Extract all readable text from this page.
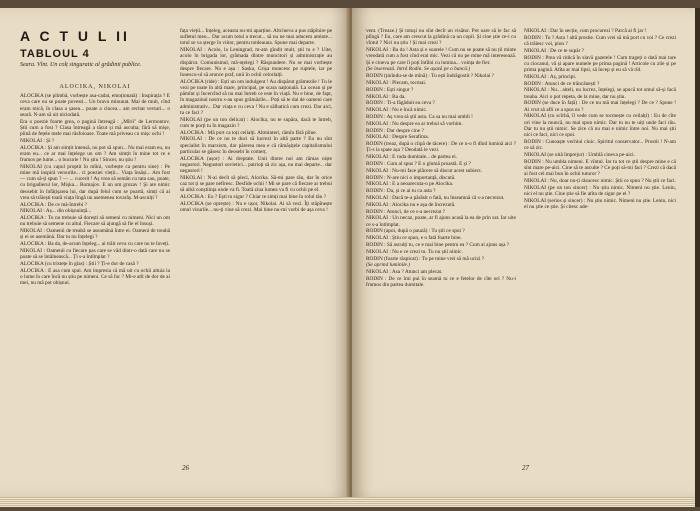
A C T U L II
TABLOUL 4
Seara. Vînt. Un colț singuratic al grădinii publice.
ALOCIKA, NIKOLAI

ALOCIKA (se plimbă, vorbește asa-cadat, emoționată) : Inspirația ? E ceva care nu se poate povesti... Un bravu minunat. Mai de mult, cînd eram mică, în clasa a șasea... poate a cincea... am recitat versuri... o seară. N-am să uit niciodată.

Era o poezie foarte grea, o pagină întreagă : „Mîrii" de Lermontov. Știi cum a fost ? Clasa întreagă a tăcut și mă asculta; fără să mișe, plină de fețele mele mai răsfoioase. Toate mă priveau cu mișc ochi !

NIKOLAI : Și ?

ALOCIKA : Și am simțit intensă, nu pot să spun... Nu mai eram eu, nu eram eu... ce ar mai înțelege un om ? Am simțit în mine tot ce e frumos pe lume... o bucurie ! Nu știu ! Sincer, nu știu !

NIKOLAI (cu capul proptit în mîini, vorbește ca pentru sine) : Pe mine mă inspiră versurile... ci poeziei vieții... Viața însăși... Am fost — cum să-ți spun ? — ... cucerit ! Aș vrea să semăn cu tata sau, poate, cu brigadierul lor, Mișka... Romajov. E un om grozav ! Și are nimic deosebit în înfățișarea lui, dar după felul cum se poartă, simți că ai vrea să trăiești toată viața lîngă un asemenea tovarăș. M-asculți ?

ALOCIKA : De ce mă-întrebi ?

NIKOLAI : Aș... din obișnuință...

ALOCIKA : Tu nu trebuie să dorești să semeni cu nimeni. Nici un om nu trebuie să semene cu altul. Fiecare să ajungă să fie el însuși.

NIKOLAI : Oamenii de treabă se aseamănă între ei. Oameni de treabă și ei se asemănă. Dar tu nu înțelegi ?

ALOCIKA : Ba da, de-acum înțeleg... ai trăit ceva cu care nu te înveți.

NIKOLAI : Oamenii cu fiecare pas care se văd dintr-o dată care nu se poate să se întâlnească... Ți s-a întîmplat ?

ALOCIKA (cu tristețe în glas) : Știi ? Ți-e dor de casă ?

ALOCIKA : E asa cum spui. Am impresia că mă uit cu ochii altuia la o lume în care încă nu știu pe nimeni. Ce să fac ? Mi-e atît de dor de ai mei, nu mă pot obișnui.

fața vieții... Înțeleg, aceasta nu-mi aparține. Altcineva a pus stăpînire pe sufletul meu... Dar acum totul a trecut... să nu ne mai aducem aminte... totul se va șterge în viitor, pentru totdeauna. Spune mai departe.

NIKOLAI : Acolo, la Leningrad, m-am gîndit mult, știi tu e ? Uite, acolo în brigada lor, grămada dintre muncitori și administrație au dispărut. Comunismul, mă-nțelegi ? Răspundere. Nu se mai vorbește despre fiecare. Nu e așa : Saska, Grișa muncesc pe ruptele, iar pe Ionescu-ul să arunce praf, unii în ochii celorlalți.

ALOCIKA (ride) : Ești un om indulgent ! Au dispărut grămezile ! Tu le vezi pe toate în altă mare, principal, pe scara națională. La ocean și pe pămînt și încercînd să nu mai întreb ce este în viață. Nu e bine, de fapt, în magazinul nostru s-au spus grămăzile... Poți să te dai de oameni care administrativ... Dar viața e cu ceva ! Nu e sălbatică cum crezi. Dar aici, tu ce faci ?

NIKOLAI (pe un ton delicat) : Alocika, nu te supăra, dacă te întreb, cum te porți tu în magazin ?

ALOCIKA : Mă port ca toți ceilalți. Altminteri, rămîn fără pîine.

NIKOLAI : De ce nu te duci să lucrezi în altă parte ? Eu nu sînt specialist în marxism, dar părerea mea e că rămășițele capitalismului particular se găsesc în deosebi în comerț.

ALOCIKA (ușor) : Ai dreptate. Unii dintre noi am rămas niște negustori. Negustori sovietici... patrioți să zic așa, nu mai departe... dar negustori !

NIKOLAI : N-ai decît să pleci, Alocika. Să-mi pare rău, dar în orice caz tot ți se pare nefiresc. Desfide ochii ! Mi se pare că fiecare ar trebui să aibă conștiința unde va fi. Toată ziua lumea va fi cu ochii pe el.

ALOCIKA : Eu ? Ești tu sigur ? Chiar te simți mai bine în rolul tău ?

ALOCIKA (se oprește) : Nu e ușor, Nikolai. Ai să vezi. Îți stăpînește omul visurile... nu-ți vine să crezi. Mai bine nu-mi vorbi de așa ceva !

26

vent. (Treaze.) Și totuși nu sînt decît un visător. Pot oare să le fac să plîngă ? Eu, care am crescut la grădină ca un copil. Și cine știe ce-i cu vîntul ? Nici nu știu ! Și mai crezi ?

NIKOLAI : Ba da ! Asta și e soarele ! Cum nu se poate să nu ții minte vreodată cum a fost cînd erai mic. Vezi că nu pe mine mă interesează. Și e cineva pe care îl poți întîlni cu lumina... voința de fier.

(Se înserează. Intră Rodin. Se așază pe o bancă.)

RODIN (ținîndu-se de mînă) : Tu ești îndrăgostit ? Nikolai ?

NIKOLAI : Plecam, tocmai.

RODIN : Ești singur ?

NIKOLAI : Ba da.

RODIN : Ti-a făgăduit ea ceva ?

NIKOLAI : Nu e încă nimic.

RODIN : Aș vrea să știi asta. Ca sa nu mai umbli !

NIKOLAI : Nu despre ea ar trebui să vorbim.

RODIN : Dar despre cine ?

NIKOLAI : Despre Serafima.

RODIN (treaz, după o clipă de tăcere) : De ce n-o fi dînd lumină aici ? Ți-s la spate așa ? Deodată le vezi.

NIKOLAI : E ruda dumitale... de partea ei.

RODIN : Cum al spus ? E o glumă proastă. E și ?

NIKOLAI : Nu-mi face plăcere să discut acest subiect.

RODIN : N-are nici o importanță, discută.

NIKOLAI : E a neoarecuta-o pe Alocika.

RODIN : Da, și ce ai tu cu asta ?

NIKOLAI : Dacă te-a părăsit o fată, nu înseamnă că s-a necrezut.

NIKOLAI : Alocika nu e așa de încrezută.

RODIN : Atunci, de ce s-a necrezut ?

NIKOLAI : Un necaz, poate, ar fi ajuns acasă la ea de prin sat. Iar uite ce s-a întîmplat.

RODIN (apoi, după o pauză) : Tu știi ce spui ?

NIKOLAI : Știu ce spun, e o fată foarte bine.

RODIN : Să asculți tu, ce e mai bine pentru ea ? Cum ai ajuns așa ?

NIKOLAI : Nu e ce crezi tu. Tu nu știi nimic.

RODIN (foarte răspicat) : Tu pe mine vrei să mă ucizi ?

(Se aprind luminile.)

NIKOLAI : Asa ? Atunci am plecat.

RODIN : De ce îmi pui în seamă tu ce e fetelor de cîte ori ? Nu-i frumos din partea dumitale.

NIKOLAI : Dar în secție, cum procurezi ? Parcă ai fi jar !

RODIN : Tu ? Asta ! altă prostie. Cum vrei să mă port cu voi ? Ce crezi că trăiesc voi, pion ?

NIKOLAI : De ce te supăr ?

RODIN : Prea vă ridică în slavă gazetele ! Cum trageți o dată mai tare cu ciocanul, vă și apare numele pe prima pagină ! Articole cu zile și pe prima pagină. Atîta ar mai lipsi, să încep și eu să vă rîd.

NIKOLAI : Aș, principi.

RODIN : Atunci de ce trăncănești ?

NIKOLAI : Nu... alteli, nu lucrez, înțelegi, se apucă tot omul să-și facă treaba. Aici o pot repeta, de la mine, dar nu știu.

RODIN (se duce în față) : De ce nu mă mai înțelegi ? De ce ? Spune ! Ai vrut să afli ce a spus ea ?

NIKOLAI (cu scîrbă, îl vede cum se tocmește cu ceilalți) : Eu de cîte ori vine la muncă, nu mai spun nimic. Dar tu nu te uiți unde faci rău. Dar tu nu știi nimic. Se zice că nu mai e nimic între noi. Nu mai știi nici ce faci, nici ce spui.

RODIN : Cunoaște vechiul cinic. Spiritul conservator... Prostii ! N-am ce să zic.

NIKOLAI (se uită împrejur) : Umblă cineva pe-aici.

RODIN : Nu umbla nimeni. E vîntul. Iar tu tot ce știi despre mine e că sînt mare pe-aici. Cine să te asculte ? Ce poți să-mi faci ? Crezi că dacă ai fost cel mai bun în ochii tuturor ?

NIKOLAI : Nu, doar nu-ți răsucesc nimic. Știi ce spun ? Nu știi ce faci.

NIKOLAI (pe un ton sincer) : Nu știu nimic. Nimeni nu știe. Lenin, nici el nu știe. Cine știe să fie atîta de sigur pe el ?

NIKOLAI (serios și sincer) : Nu știu nimic. Nimeni nu știe. Lenin, nici el nu știe ce știe. Și citesc ade-

27
